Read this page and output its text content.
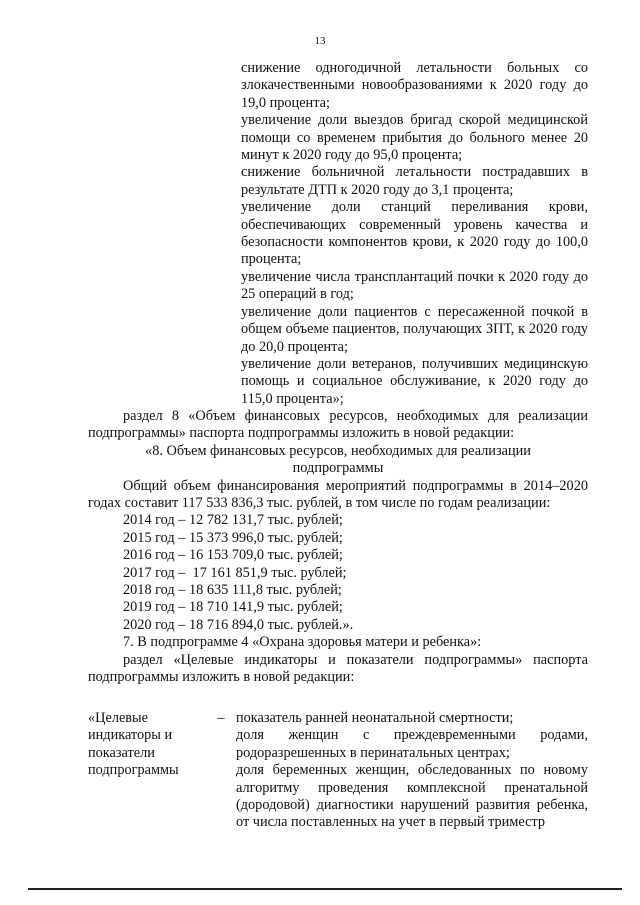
13

снижение одногодичной летальности больных со злокачественными новообразованиями к 2020 году до 19,0 процента;

увеличение доли выездов бригад скорой медицинской помощи со временем прибытия до больного менее 20 минут к 2020 году до 95,0 процента;

снижение больничной летальности пострадавших в результате ДТП к 2020 году до 3,1 процента;

увеличение доли станций переливания крови, обеспечивающих современный уровень качества и безопасности компонентов крови, к 2020 году до 100,0 процента;

увеличение числа трансплантаций почки к 2020 году до 25 операций в год;

увеличение доли пациентов с пересаженной почкой в общем объеме пациентов, получающих ЗПТ, к 2020 году до 20,0 процента;

увеличение доли ветеранов, получивших медицинскую помощь и социальное обслуживание, к 2020 году до 115,0 процента»;

раздел 8 «Объем финансовых ресурсов, необходимых для реализации подпрограммы» паспорта подпрограммы изложить в новой редакции:

«8. Объем финансовых ресурсов, необходимых для реализации

подпрограммы

Общий объем финансирования мероприятий подпрограммы в 2014–2020 годах составит 117 533 836,3 тыс. рублей, в том числе по годам реализации:

2014 год – 12 782 131,7 тыс. рублей;
2015 год – 15 373 996,0 тыс. рублей;
2016 год – 16 153 709,0 тыс. рублей;
2017 год –  17 161 851,9 тыс. рублей;
2018 год – 18 635 111,8 тыс. рублей;
2019 год – 18 710 141,9 тыс. рублей;
2020 год – 18 716 894,0 тыс. рублей.».

7. В подпрограмме 4 «Охрана здоровья матери и ребенка»:

раздел «Целевые индикаторы и показатели подпрограммы» паспорта подпрограммы изложить в новой редакции:

«Целевые
индикаторы и
показатели
подпрограммы
– показатель ранней неонатальной смертности;

доля женщин с преждевременными родами, родоразрешенных в перинатальных центрах;

доля беременных женщин, обследованных по новому алгоритму проведения комплексной пренатальной (дородовой) диагностики нарушений развития ребенка, от числа поставленных на учет в первый триместр
